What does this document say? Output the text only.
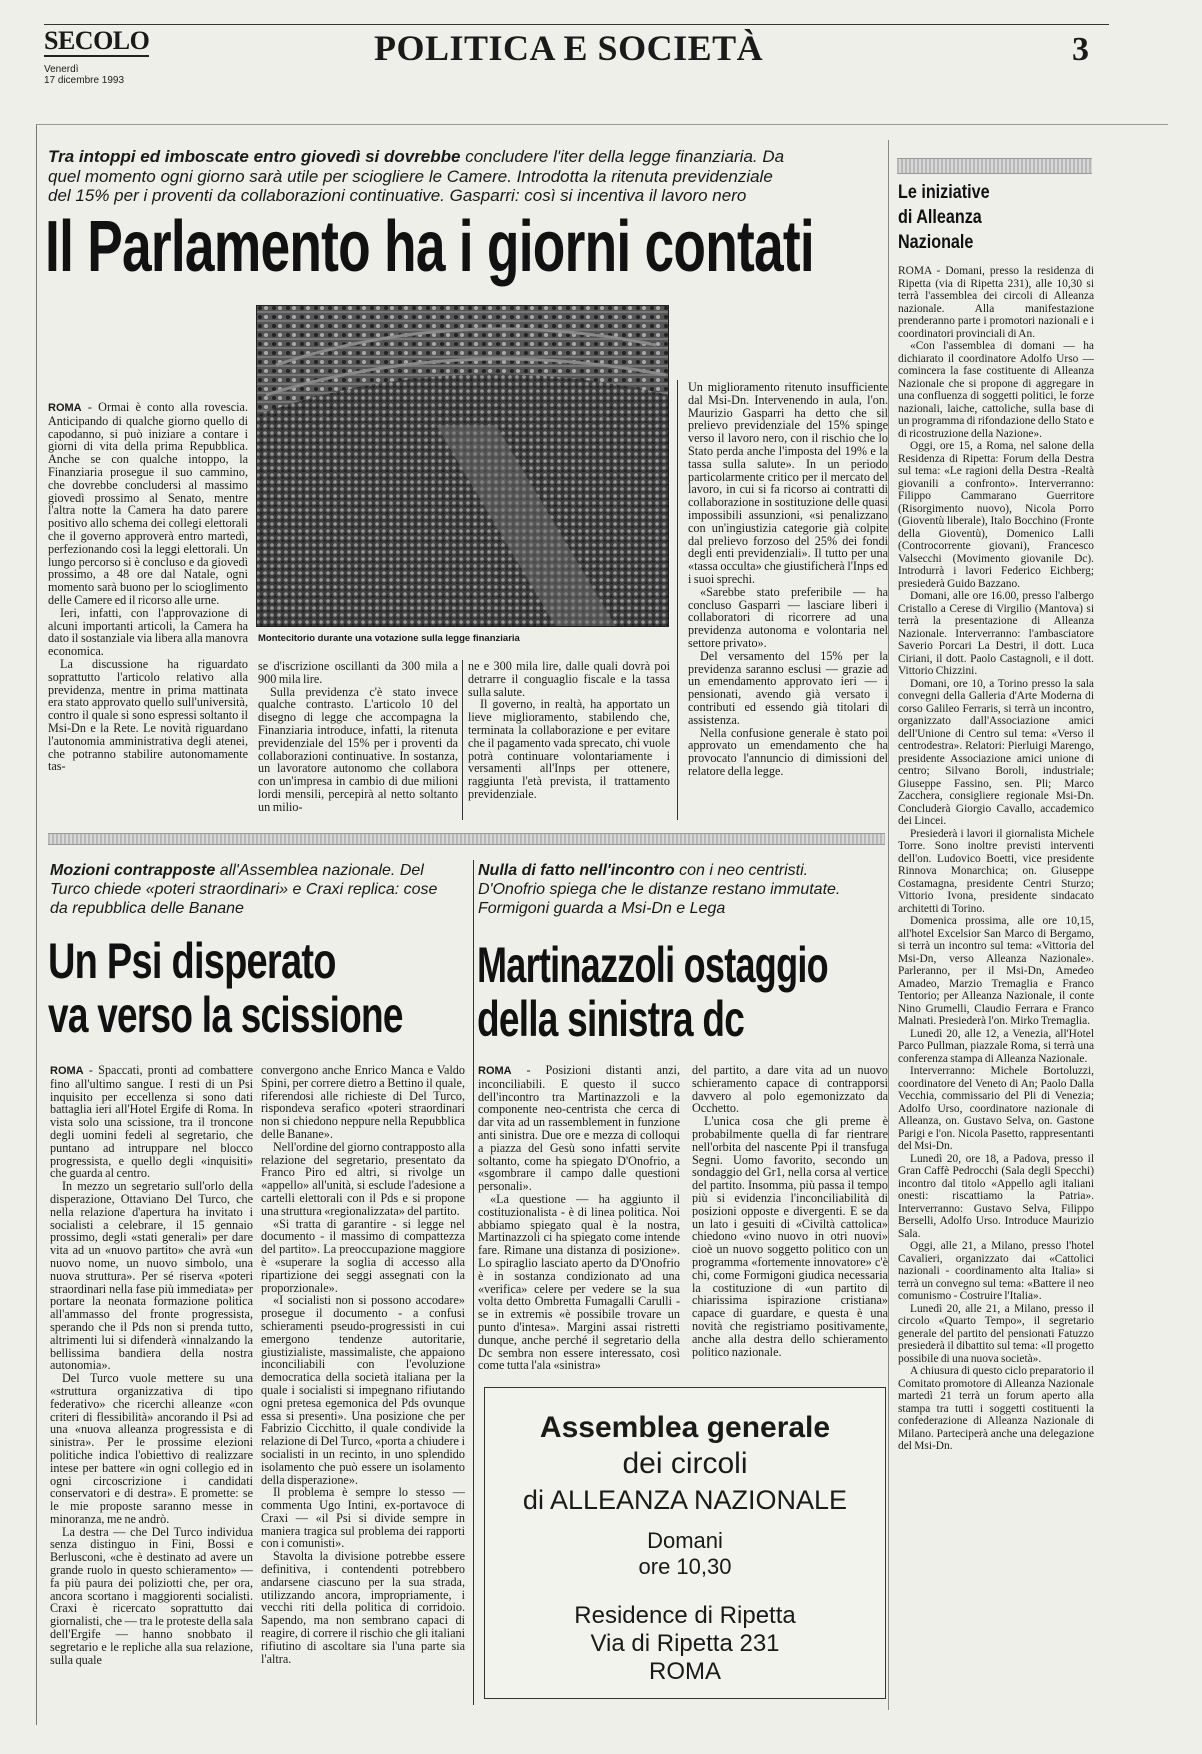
SECOLO
Venerdì
17 dicembre 1993
POLITICA E SOCIETÀ	3
Tra intoppi ed imboscate entro giovedì si dovrebbe concludere l'iter della legge finanziaria. Da quel momento ogni giorno sarà utile per sciogliere le Camere. Introdotta la ritenuta previdenziale del 15% per i proventi da collaborazioni continuative. Gasparri: così si incentiva il lavoro nero
Il Parlamento ha i giorni contati
Montecitorio durante una votazione sulla legge finanziaria

ROMA - Ormai è conto alla rovescia. Anticipando di qualche giorno quello di capodanno, si può iniziare a contare i giorni di vita della prima Repubblica. Anche se con qualche intoppo, la Finanziaria prosegue il suo cammino, che dovrebbe concludersi al massimo giovedì prossimo al Senato, mentre l'altra notte la Camera ha dato parere positivo allo schema dei collegi elettorali che il governo approverà entro martedì, perfezionando così la leggi elettorali. Un lungo percorso si è concluso e da giovedì prossimo, a 48 ore dal Natale, ogni momento sarà buono per lo scioglimento delle Camere ed il ricorso alle urne.

Ieri, infatti, con l'approvazione di alcuni importanti articoli, la Camera ha dato il sostanziale via libera alla manovra economica.

La discussione ha riguardato soprattutto l'articolo relativo alla previdenza, mentre in prima mattinata era stato approvato quello sull'università, contro il quale si sono espressi soltanto il Msi-Dn e la Rete. Le novità riguardano l'autonomia amministrativa degli atenei, che potranno stabilire autonomamente tas-

se d'iscrizione oscillanti da 300 mila a 900 mila lire.

Sulla previdenza c'è stato invece qualche contrasto. L'articolo 10 del disegno di legge che accompagna la Finanziaria introduce, infatti, la ritenuta previdenziale del 15% per i proventi da collaborazioni continuative. In sostanza, un lavoratore autonomo che collabora con un'impresa in cambio di due milioni lordi mensili, percepirà al netto soltanto un milio-

ne e 300 mila lire, dalle quali dovrà poi detrarre il conguaglio fiscale e la tassa sulla salute.

Il governo, in realtà, ha apportato un lieve miglioramento, stabilendo che, terminata la collaborazione e per evitare che il pagamento vada sprecato, chi vuole potrà continuare volontariamente i versamenti all'Inps per ottenere, raggiunta l'età prevista, il trattamento previdenziale.

Un miglioramento ritenuto insufficiente dal Msi-Dn. Intervenendo in aula, l'on. Maurizio Gasparri ha detto che sil prelievo previdenziale del 15% spinge verso il lavoro nero, con il rischio che lo Stato perda anche l'imposta del 19% e la tassa sulla salute». In un periodo particolarmente critico per il mercato del lavoro, in cui si fa ricorso ai contratti di collaborazione in sostituzione delle quasi impossibili assunzioni, «si penalizzano con un'ingiustizia categorie già colpite dal prelievo forzoso del 25% dei fondi degli enti previdenziali». Il tutto per una «tassa occulta» che giustificherà l'Inps ed i suoi sprechi.

«Sarebbe stato preferibile — ha concluso Gasparri — lasciare liberi i collaboratori di ricorrere ad una previdenza autonoma e volontaria nel settore privato».

Del versamento del 15% per la previdenza saranno esclusi — grazie ad un emendamento approvato ieri — i pensionati, avendo già versato i contributi ed essendo già titolari di assistenza.

Nella confusione generale è stato poi approvato un emendamento che ha provocato l'annuncio di dimissioni del relatore della legge.

Mozioni contrapposte all'Assemblea nazionale. Del Turco chiede «poteri straordinari» e Craxi replica: cose da repubblica delle Banane
Un Psi disperato
va verso la scissione

ROMA - Spaccati, pronti ad combattere fino all'ultimo sangue. I resti di un Psi inquisito per eccellenza si sono dati battaglia ieri all'Hotel Ergife di Roma. In vista solo una scissione, tra il troncone degli uomini fedeli al segretario, che puntano ad intruppare nel blocco progressista, e quello degli «inquisiti» che guarda al centro.

In mezzo un segretario sull'orlo della disperazione, Ottaviano Del Turco, che nella relazione d'apertura ha invitato i socialisti a celebrare, il 15 gennaio prossimo, degli «stati generali» per dare vita ad un «nuovo partito» che avrà «un nuovo nome, un nuovo simbolo, una nuova struttura». Per sé riserva «poteri straordinari nella fase più immediata» per portare la neonata formazione politica all'ammasso del fronte progressista, sperando che il Pds non si prenda tutto, altrimenti lui si difenderà «innalzando la bellissima bandiera della nostra autonomia».

Del Turco vuole mettere su una «struttura organizzativa di tipo federativo» che ricerchi alleanze «con criteri di flessibilità» ancorando il Psi ad una «nuova alleanza progressista e di sinistra». Per le prossime elezioni politiche indica l'obiettivo di realizzare intese per battere «in ogni collegio ed in ogni circoscrizione i candidati conservatori e di destra». E promette: se le mie proposte saranno messe in minoranza, me ne andrò.

La destra — che Del Turco individua senza distinguo in Fini, Bossi e Berlusconi, «che è destinato ad avere un grande ruolo in questo schieramento» — fa più paura dei poliziotti che, per ora, ancora scortano i maggiorenti socialisti. Craxi è ricercato soprattutto dai giornalisti, che — tra le proteste della sala dell'Ergife — hanno snobbato il segretario e le repliche alla sua relazione, sulla quale

convergono anche Enrico Manca e Valdo Spini, per correre dietro a Bettino il quale, riferendosi alle richieste di Del Turco, rispondeva serafico «poteri straordinari non si chiedono neppure nella Repubblica delle Banane».

Nell'ordine del giorno contrapposto alla relazione del segretario, presentato da Franco Piro ed altri, si rivolge un «appello» all'unità, si esclude l'adesione a cartelli elettorali con il Pds e si propone una struttura «regionalizzata» del partito.

«Si tratta di garantire - si legge nel documento - il massimo di compattezza del partito». La preoccupazione maggiore è «superare la soglia di accesso alla ripartizione dei seggi assegnati con la proporzionale».

«I socialisti non si possono accodare» prosegue il documento - a confusi schieramenti pseudo-progressisti in cui emergono tendenze autoritarie, giustizialiste, massimaliste, che appaiono inconciliabili con l'evoluzione democratica della società italiana per la quale i socialisti si impegnano rifiutando ogni pretesa egemonica del Pds ovunque essa si presenti». Una posizione che per Fabrizio Cicchitto, il quale condivide la relazione di Del Turco, «porta a chiudere i socialisti in un recinto, in uno splendido isolamento che può essere un isolamento della disperazione».

Il problema è sempre lo stesso — commenta Ugo Intini, ex-portavoce di Craxi — «il Psi si divide sempre in maniera tragica sul problema dei rapporti con i comunisti».

Stavolta la divisione potrebbe essere definitiva, i contendenti potrebbero andarsene ciascuno per la sua strada, utilizzando ancora, impropriamente, i vecchi riti della politica di corridoio. Sapendo, ma non sembrano capaci di reagire, di correre il rischio che gli italiani rifiutino di ascoltare sia l'una parte sia l'altra.

Nulla di fatto nell'incontro con i neo centristi. D'Onofrio spiega che le distanze restano immutate. Formigoni guarda a Msi-Dn e Lega
Martinazzoli ostaggio
della sinistra dc

ROMA - Posizioni distanti anzi, inconciliabili. E questo il succo dell'incontro tra Martinazzoli e la componente neo-centrista che cerca di dar vita ad un rassemblement in funzione anti sinistra. Due ore e mezza di colloqui a piazza del Gesù sono infatti servite soltanto, come ha spiegato D'Onofrio, a «sgombrare il campo dalle questioni personali».

«La questione — ha aggiunto il costituzionalista - è di linea politica. Noi abbiamo spiegato qual è la nostra, Martinazzoli ci ha spiegato come intende fare. Rimane una distanza di posizione». Lo spiraglio lasciato aperto da D'Onofrio è in sostanza condizionato ad una «verifica» celere per vedere se la sua volta detto Ombretta Fumagalli Carulli - se in extremis «è possibile trovare un punto d'intesa». Margini assai ristretti dunque, anche perché il segretario della Dc sembra non essere interessato, così come tutta l'ala «sinistra»

del partito, a dare vita ad un nuovo schieramento capace di contrapporsi davvero al polo egemonizzato da Occhetto.

L'unica cosa che gli preme è probabilmente quella di far rientrare nell'orbita del nascente Ppi il transfuga Segni. Uomo favorito, secondo un sondaggio del Gr1, nella corsa al vertice del partito. Insomma, più passa il tempo più si evidenzia l'inconciliabilità di posizioni opposte e divergenti. E se da un lato i gesuiti di «Civiltà cattolica» chiedono «vino nuovo in otri nuovi» cioè un nuovo soggetto politico con un programma «fortemente innovatore» c'è chi, come Formigoni giudica necessaria la costituzione di «un partito di chiarissima ispirazione cristiana» capace di guardare, e questa è una novità che registriamo positivamente, anche alla destra dello schieramento politico nazionale.

Assemblea generale
dei circoli
di ALLEANZA NAZIONALE
Domani
ore 10,30
Residence di Ripetta
Via di Ripetta 231
ROMA
Le iniziative
di Alleanza
Nazionale

ROMA - Domani, presso la residenza di Ripetta (via di Ripetta 231), alle 10,30 si terrà l'assemblea dei circoli di Alleanza nazionale. Alla manifestazione prenderanno parte i promotori nazionali e i coordinatori provinciali di An.

«Con l'assemblea di domani — ha dichiarato il coordinatore Adolfo Urso — comincera la fase costituente di Alleanza Nazionale che si propone di aggregare in una confluenza di soggetti politici, le forze nazionali, laiche, cattoliche, sulla base di un programma di rifondazione dello Stato e di ricostruzione della Nazione».

Oggi, ore 15, a Roma, nel salone della Residenza di Ripetta: Forum della Destra sul tema: «Le ragioni della Destra -Realtà giovanili a confronto». Interverranno: Filippo Cammarano Guerritore (Risorgimento nuovo), Nicola Porro (Gioventù liberale), Italo Bocchino (Fronte della Gioventù), Domenico Lalli (Controcorrente giovani), Francesco Valsecchi (Movimento giovanile Dc). Introdurrà i lavori Federico Eichberg; presiederà Guido Bazzano.

Domani, alle ore 16.00, presso l'albergo Cristallo a Cerese di Virgilio (Mantova) si terrà la presentazione di Alleanza Nazionale. Interverranno: l'ambasciatore Saverio Porcari La Destri, il dott. Luca Ciriani, il dott. Paolo Castagnoli, e il dott. Vittorio Chizzini.

Domani, ore 10, a Torino presso la sala convegni della Galleria d'Arte Moderna di corso Galileo Ferraris, si terrà un incontro, organizzato dall'Associazione amici dell'Unione di Centro sul tema: «Verso il centrodestra». Relatori: Pierluigi Marengo, presidente Associazione amici unione di centro; Silvano Boroli, industriale; Giuseppe Fassino, sen. Pli; Marco Zacchera, consigliere regionale Msi-Dn. Concluderà Giorgio Cavallo, accademico dei Lincei.

Presiederà i lavori il giornalista Michele Torre. Sono inoltre previsti interventi dell'on. Ludovico Boetti, vice presidente Rinnova Monarchica; on. Giuseppe Costamagna, presidente Centri Sturzo; Vittorio Ivona, presidente sindacato architetti di Torino.

Domenica prossima, alle ore 10,15, all'hotel Excelsior San Marco di Bergamo, si terrà un incontro sul tema: «Vittoria del Msi-Dn, verso Alleanza Nazionale». Parleranno, per il Msi-Dn, Amedeo Amadeo, Marzio Tremaglia e Franco Tentorio; per Alleanza Nazionale, il conte Nino Grumelli, Claudio Ferrara e Franco Malnati. Presiederà l'on. Mirko Tremaglia.

Lunedì 20, alle 12, a Venezia, all'Hotel Parco Pullman, piazzale Roma, si terrà una conferenza stampa di Alleanza Nazionale.

Interverranno: Michele Bortoluzzi, coordinatore del Veneto di An; Paolo Dalla Vecchia, commissario del Pli di Venezia; Adolfo Urso, coordinatore nazionale di Alleanza, on. Gustavo Selva, on. Gastone Parigi e l'on. Nicola Pasetto, rappresentanti del Msi-Dn.

Lunedì 20, ore 18, a Padova, presso il Gran Caffè Pedrocchi (Sala degli Specchi) incontro dal titolo «Appello agli italiani onesti: riscattiamo la Patria». Interverranno: Gustavo Selva, Filippo Berselli, Adolfo Urso. Introduce Maurizio Sala.

Oggi, alle 21, a Milano, presso l'hotel Cavalieri, organizzato dai «Cattolici nazionali - coordinamento alta Italia» si terrà un convegno sul tema: «Battere il neo comunismo - Costruire l'Italia».

Lunedì 20, alle 21, a Milano, presso il circolo «Quarto Tempo», il segretario generale del partito del pensionati Fatuzzo presiederà il dibattito sul tema: «Il progetto possibile di una nuova società».

A chiusura di questo ciclo preparatorio il Comitato promotore di Alleanza Nazionale martedì 21 terrà un forum aperto alla stampa tra tutti i soggetti costituenti la confederazione di Alleanza Nazionale di Milano. Parteciperà anche una delegazione del Msi-Dn.
